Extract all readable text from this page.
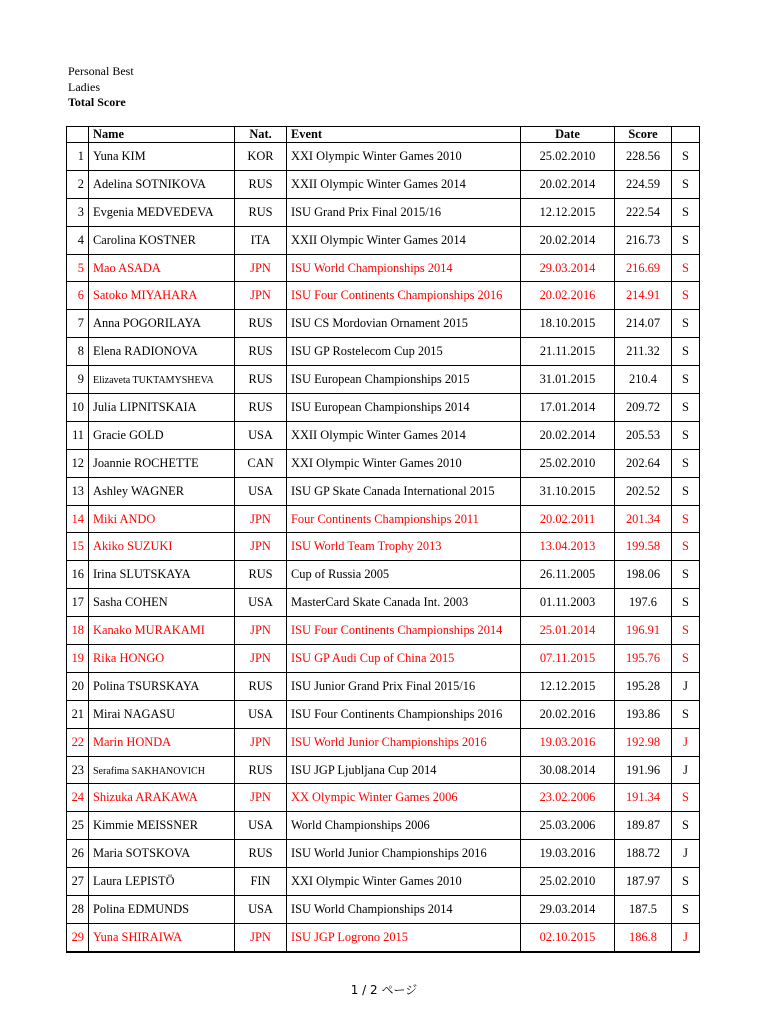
Personal Best
Ladies
Total Score
	Name	Nat.	Event	Date	Score	
1	Yuna KIM	KOR	XXI Olympic Winter Games 2010	25.02.2010	228.56	S
2	Adelina SOTNIKOVA	RUS	XXII Olympic Winter Games 2014	20.02.2014	224.59	S
3	Evgenia MEDVEDEVA	RUS	ISU Grand Prix Final 2015/16	12.12.2015	222.54	S
4	Carolina KOSTNER	ITA	XXII Olympic Winter Games 2014	20.02.2014	216.73	S
5	Mao ASADA	JPN	ISU World Championships 2014	29.03.2014	216.69	S
6	Satoko MIYAHARA	JPN	ISU Four Continents Championships 2016	20.02.2016	214.91	S
7	Anna POGORILAYA	RUS	ISU CS Mordovian Ornament 2015	18.10.2015	214.07	S
8	Elena RADIONOVA	RUS	ISU GP Rostelecom Cup 2015	21.11.2015	211.32	S
9	Elizaveta TUKTAMYSHEVA	RUS	ISU European Championships 2015	31.01.2015	210.4	S
10	Julia LIPNITSKAIA	RUS	ISU European Championships 2014	17.01.2014	209.72	S
11	Gracie GOLD	USA	XXII Olympic Winter Games 2014	20.02.2014	205.53	S
12	Joannie ROCHETTE	CAN	XXI Olympic Winter Games 2010	25.02.2010	202.64	S
13	Ashley WAGNER	USA	ISU GP Skate Canada International 2015	31.10.2015	202.52	S
14	Miki ANDO	JPN	Four Continents Championships 2011	20.02.2011	201.34	S
15	Akiko SUZUKI	JPN	ISU World Team Trophy 2013	13.04.2013	199.58	S
16	Irina SLUTSKAYA	RUS	Cup of Russia 2005	26.11.2005	198.06	S
17	Sasha COHEN	USA	MasterCard Skate Canada Int. 2003	01.11.2003	197.6	S
18	Kanako MURAKAMI	JPN	ISU Four Continents Championships 2014	25.01.2014	196.91	S
19	Rika HONGO	JPN	ISU GP Audi Cup of China 2015	07.11.2015	195.76	S
20	Polina TSURSKAYA	RUS	ISU Junior Grand Prix Final 2015/16	12.12.2015	195.28	J
21	Mirai NAGASU	USA	ISU Four Continents Championships 2016	20.02.2016	193.86	S
22	Marin HONDA	JPN	ISU World Junior Championships 2016	19.03.2016	192.98	J
23	Serafima SAKHANOVICH	RUS	ISU JGP Ljubljana Cup 2014	30.08.2014	191.96	J
24	Shizuka ARAKAWA	JPN	XX Olympic Winter Games 2006	23.02.2006	191.34	S
25	Kimmie MEISSNER	USA	World Championships 2006	25.03.2006	189.87	S
26	Maria SOTSKOVA	RUS	ISU World Junior Championships 2016	19.03.2016	188.72	J
27	Laura LEPISTÖ	FIN	XXI Olympic Winter Games 2010	25.02.2010	187.97	S
28	Polina EDMUNDS	USA	ISU World Championships 2014	29.03.2014	187.5	S
29	Yuna SHIRAIWA	JPN	ISU JGP Logrono 2015	02.10.2015	186.8	J
1 / 2 ページ
